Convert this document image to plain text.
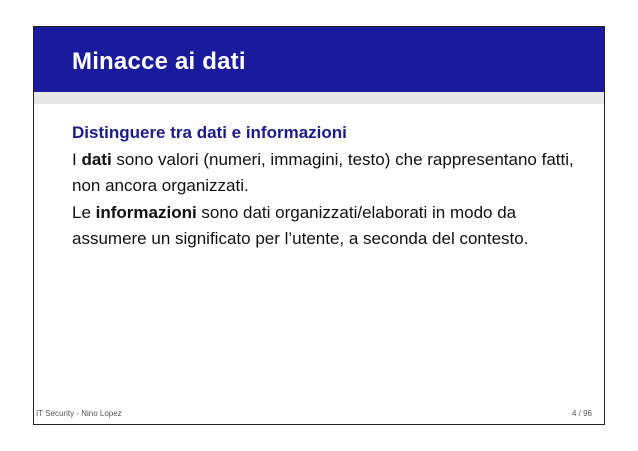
Minacce ai dati
Distinguere tra dati e informazioni
I dati sono valori (numeri, immagini, testo) che rappresentano fatti, non ancora organizzati.
Le informazioni sono dati organizzati/elaborati in modo da assumere un significato per l’utente, a seconda del contesto.
IT Security - Nino Lopez	4 / 96
